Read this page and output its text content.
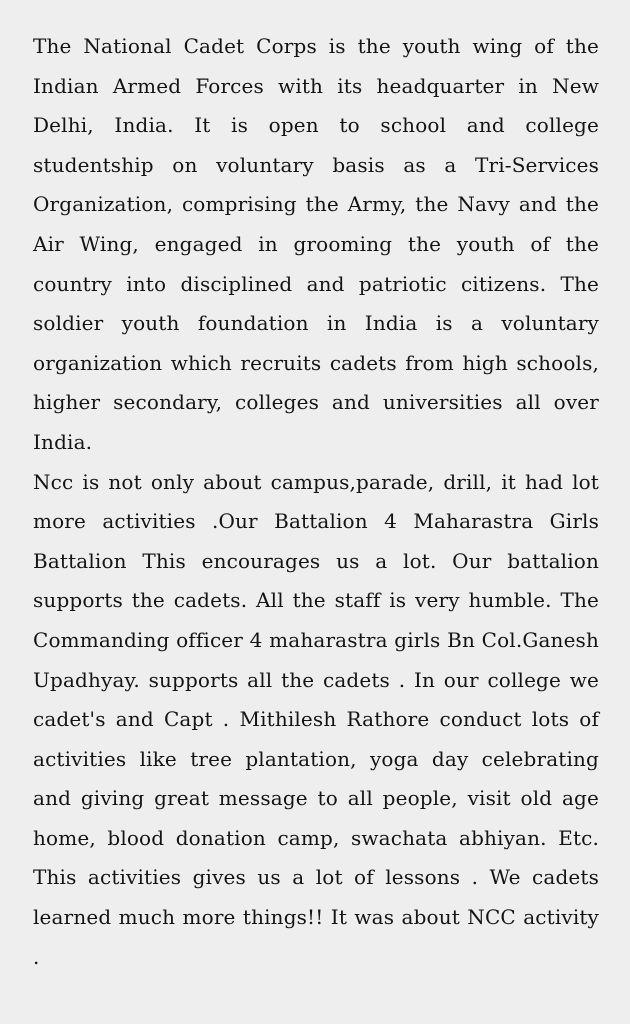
The National Cadet Corps is the youth wing of the Indian Armed Forces with its headquarter in New Delhi, India. It is open to school and college studentship on voluntary basis as a Tri-Services Organization, comprising the Army, the Navy and the Air Wing, engaged in grooming the youth of the country into disciplined and patriotic citizens. The soldier youth foundation in India is a voluntary organization which recruits cadets from high schools, higher secondary, colleges and universities all over India.

Ncc is not only about campus,parade, drill, it had lot more activities .Our Battalion 4 Maharastra Girls Battalion This encourages us a lot. Our battalion supports the cadets. All the staff is very humble. The Commanding officer 4 maharastra girls Bn Col.Ganesh Upadhyay. supports all the cadets . In our college we cadet's and Capt . Mithilesh Rathore conduct lots of activities like tree plantation, yoga day celebrating and giving great message to all people, visit old age home, blood donation camp, swachata abhiyan. Etc. This activities gives us a lot of lessons . We cadets learned much more things!! It was about NCC activity .
